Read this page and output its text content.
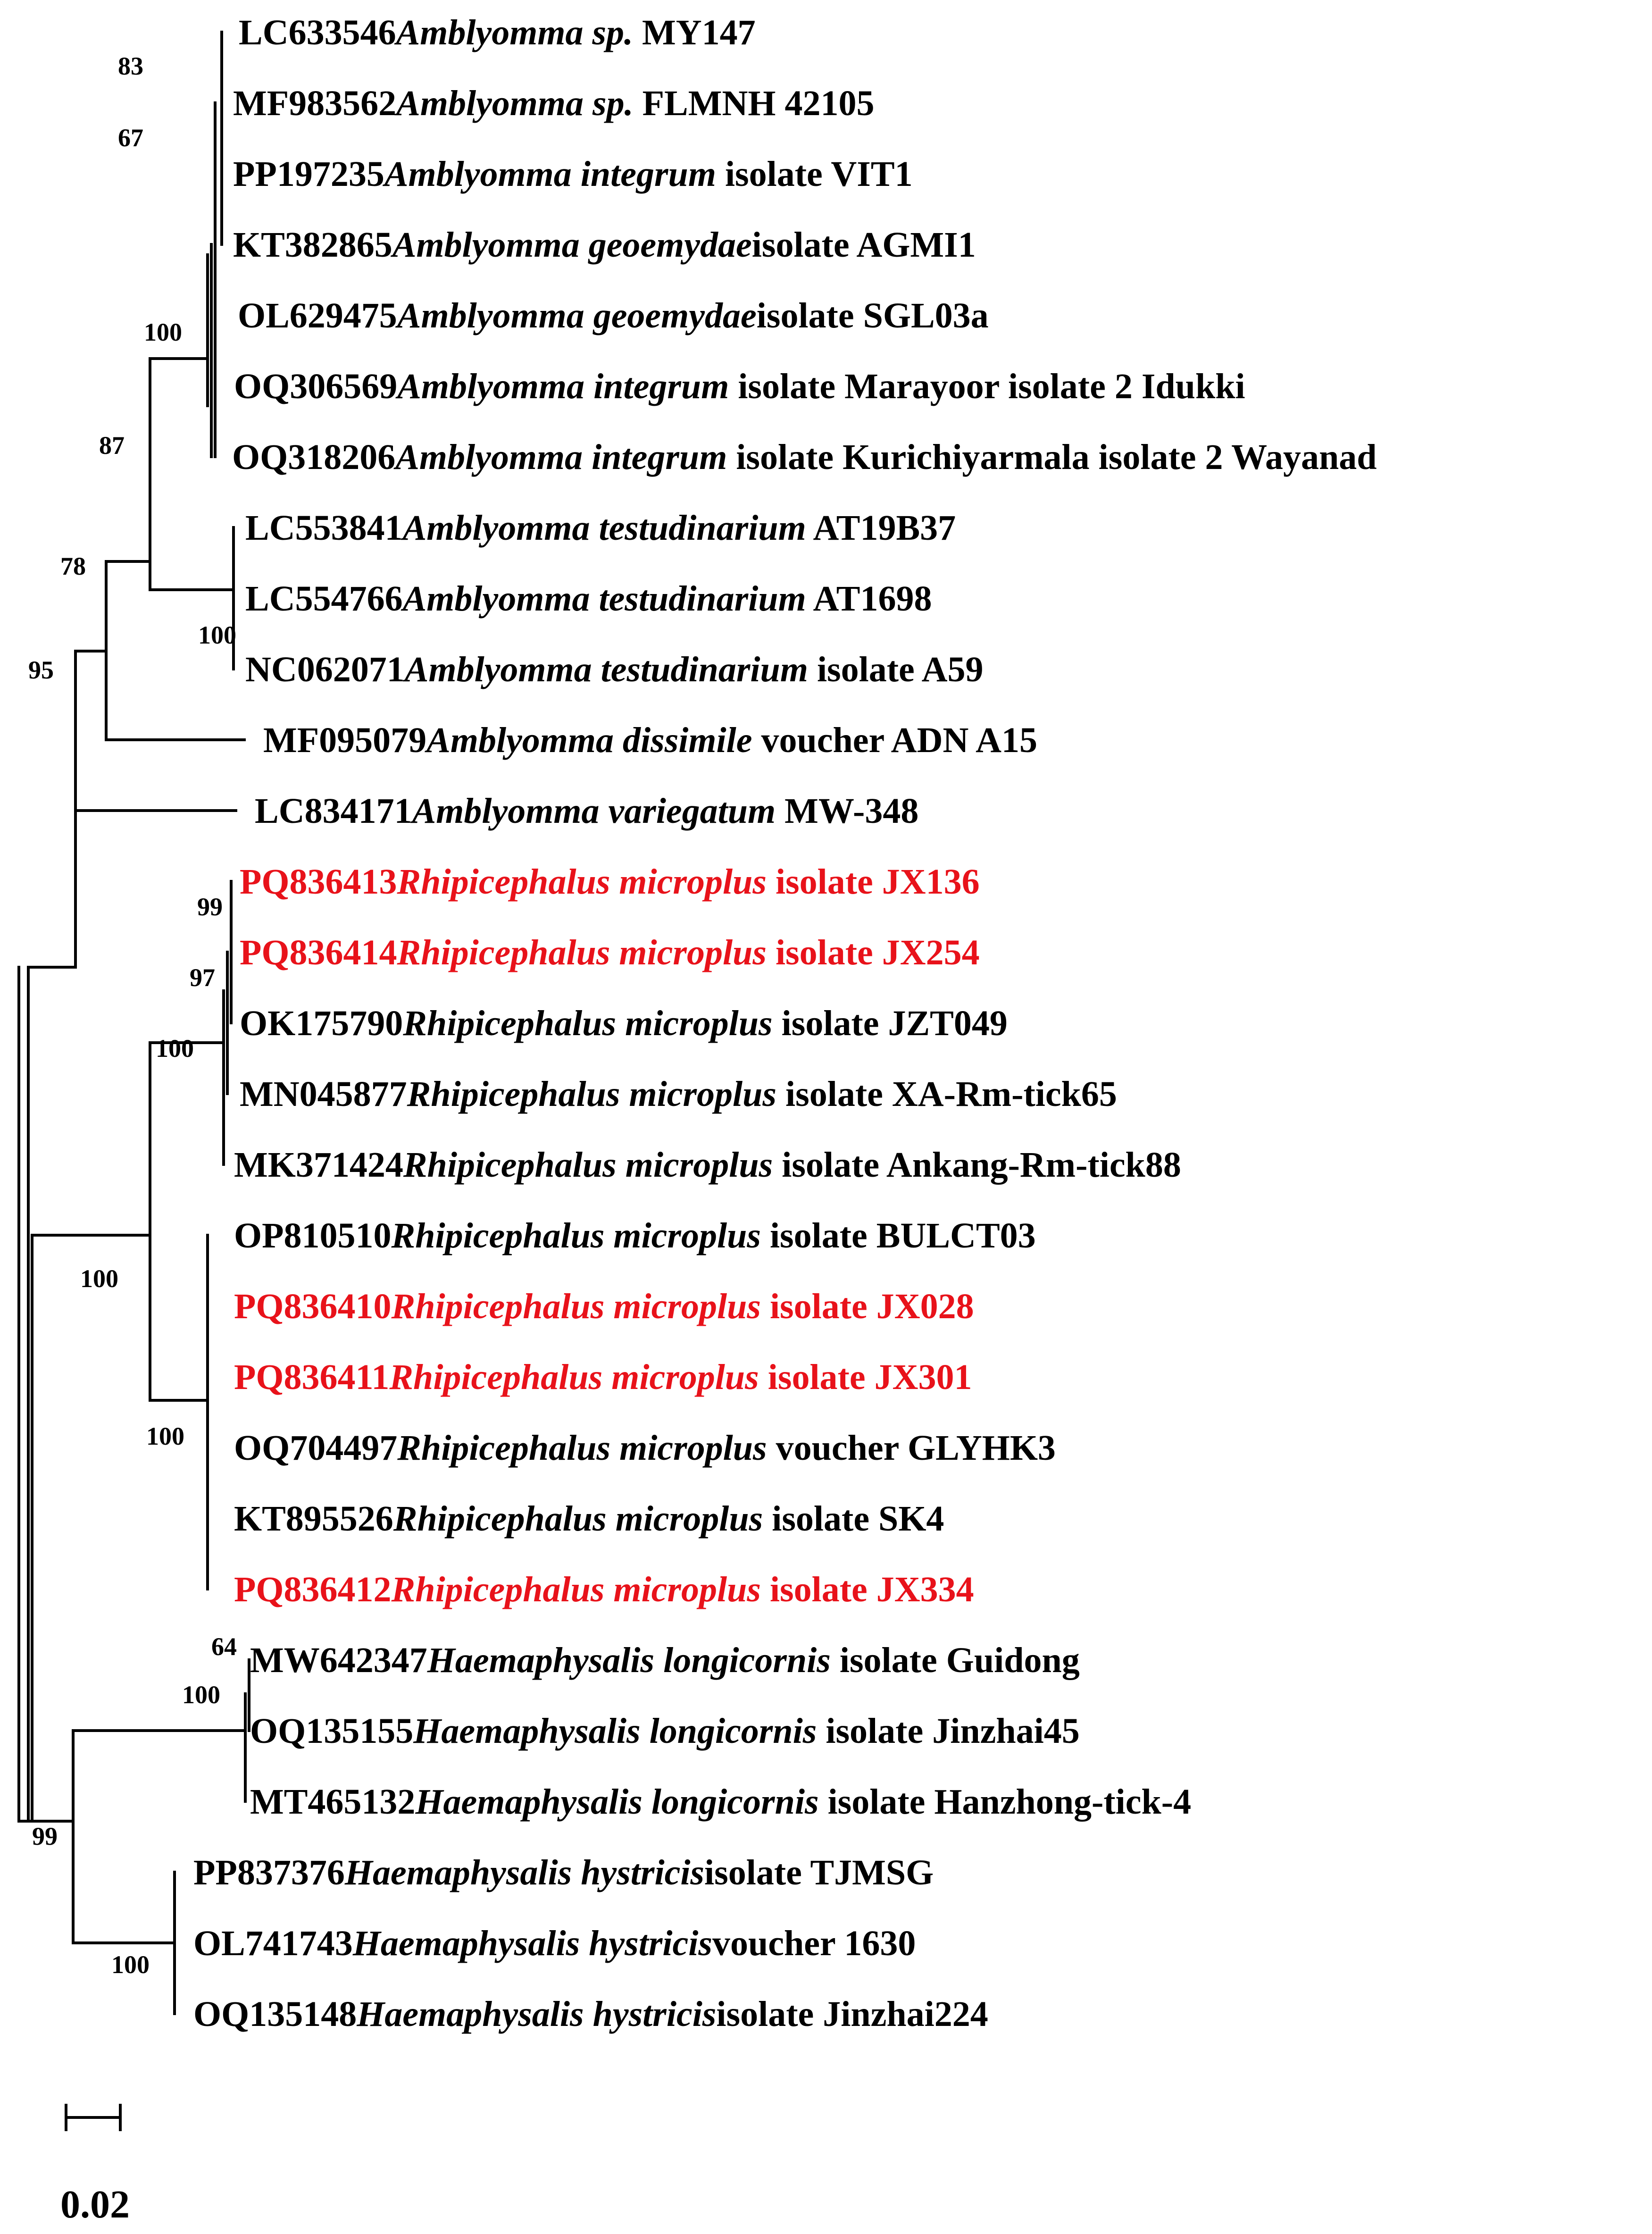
LC633546Amblyomma sp. MY147
MF983562Amblyomma sp. FLMNH 42105
PP197235Amblyomma integrum isolate VIT1
KT382865Amblyomma geoemydaeisolate AGMI1
OL629475Amblyomma geoemydaeisolate SGL03a
OQ306569Amblyomma integrum isolate Marayoor isolate 2 Idukki
OQ318206Amblyomma integrum isolate Kurichiyarmala isolate 2 Wayanad
LC553841Amblyomma testudinarium AT19B37
LC554766Amblyomma testudinarium AT1698
NC062071Amblyomma testudinarium isolate A59
MF095079Amblyomma dissimile voucher ADN A15
LC834171Amblyomma variegatum MW-348
PQ836413Rhipicephalus microplus isolate JX136
PQ836414Rhipicephalus microplus isolate JX254
OK175790Rhipicephalus microplus isolate JZT049
MN045877Rhipicephalus microplus isolate XA-Rm-tick65
MK371424Rhipicephalus microplus isolate Ankang-Rm-tick88
OP810510Rhipicephalus microplus isolate BULCT03
PQ836410Rhipicephalus microplus isolate JX028
PQ836411Rhipicephalus microplus isolate JX301
OQ704497Rhipicephalus microplus voucher GLYHK3
KT895526Rhipicephalus microplus isolate SK4
PQ836412Rhipicephalus microplus isolate JX334
MW642347Haemaphysalis longicornis isolate Guidong
OQ135155Haemaphysalis longicornis isolate Jinzhai45
MT465132Haemaphysalis longicornis isolate Hanzhong-tick-4
PP837376Haemaphysalis hystricisisolate TJMSG
OL741743Haemaphysalis hystricisvoucher 1630
OQ135148Haemaphysalis hystricisisolate Jinzhai224
83
67
100
87
78
95
100
99
97
100
100
100
64
100
99
100
0.02
